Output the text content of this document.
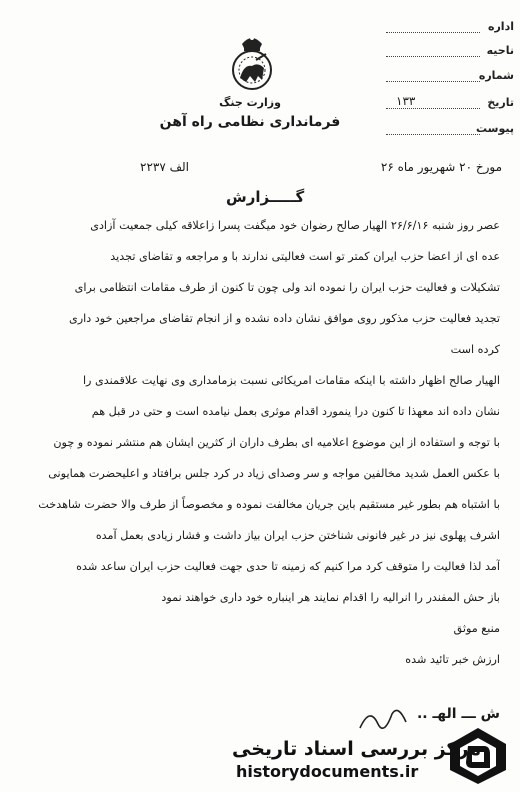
اداره
ناحیه
شماره
تاریخ
۱۳۳
پیوست
وزارت جنگ
فرمانداری نظامی راه آهن
مورخ ۲۰ شهریور ماه ۲۶
الف ۲۲۳۷
گـــــزارش
عصر روز شنبه ۲۶/۶/۱۶ الهیار صالح رضوان خود میگفت پسرا زاعلاقه کیلی جمعیت آزادی
عده ای از اعضا حزب ایران کمتر تو است فعالیتی ندارند با و مراجعه و تقاضای تجدید
تشکیلات و فعالیت حزب ایران را نموده اند ولی چون تا کنون از طرف مقامات انتظامی برای
تجدید فعالیت حزب مذکور روی موافق نشان داده نشده و از انجام تقاضای مراجعین خود داری
کرده است
الهیار صالح اظهار داشته با اینکه مقامات امریکائی نسبت بزمامداری وی نهایت علاقمندی را
نشان داده اند معهذا تا کنون درا ینمورد اقدام موثری بعمل نیامده است و حتی در قبل هم
با توجه و استفاده از این موضوع اعلامیه ای بطرف داران از کثرین ایشان هم منتشر نموده و چون
با عکس العمل شدید مخالفین مواجه و سر وصدای زیاد در کرد جلس برافتاد و اعلیحضرت همایونی
با اشتباه هم بطور غیر مستقیم باین جریان مخالفت نموده و مخصوصاً از طرف والا حضرت شاهدخت
اشرف پهلوی نیز در غیر فانونی شناختن حزب ایران بیاز داشت و فشار زیادی بعمل آمده
آمد لذا فعالیت را متوقف کرد مرا کنیم که زمینه تا حدی جهت فعالیت حزب ایران ساعد شده
باز حش المفندر را انرالیه را اقدام نمایند هر اینباره خود داری خواهند نمود
منبع موثق
ارزش خبر تائید شده
ش ـــ الهـ ..
مرکز بررسی اسناد تاریخی
historydocuments.ir
